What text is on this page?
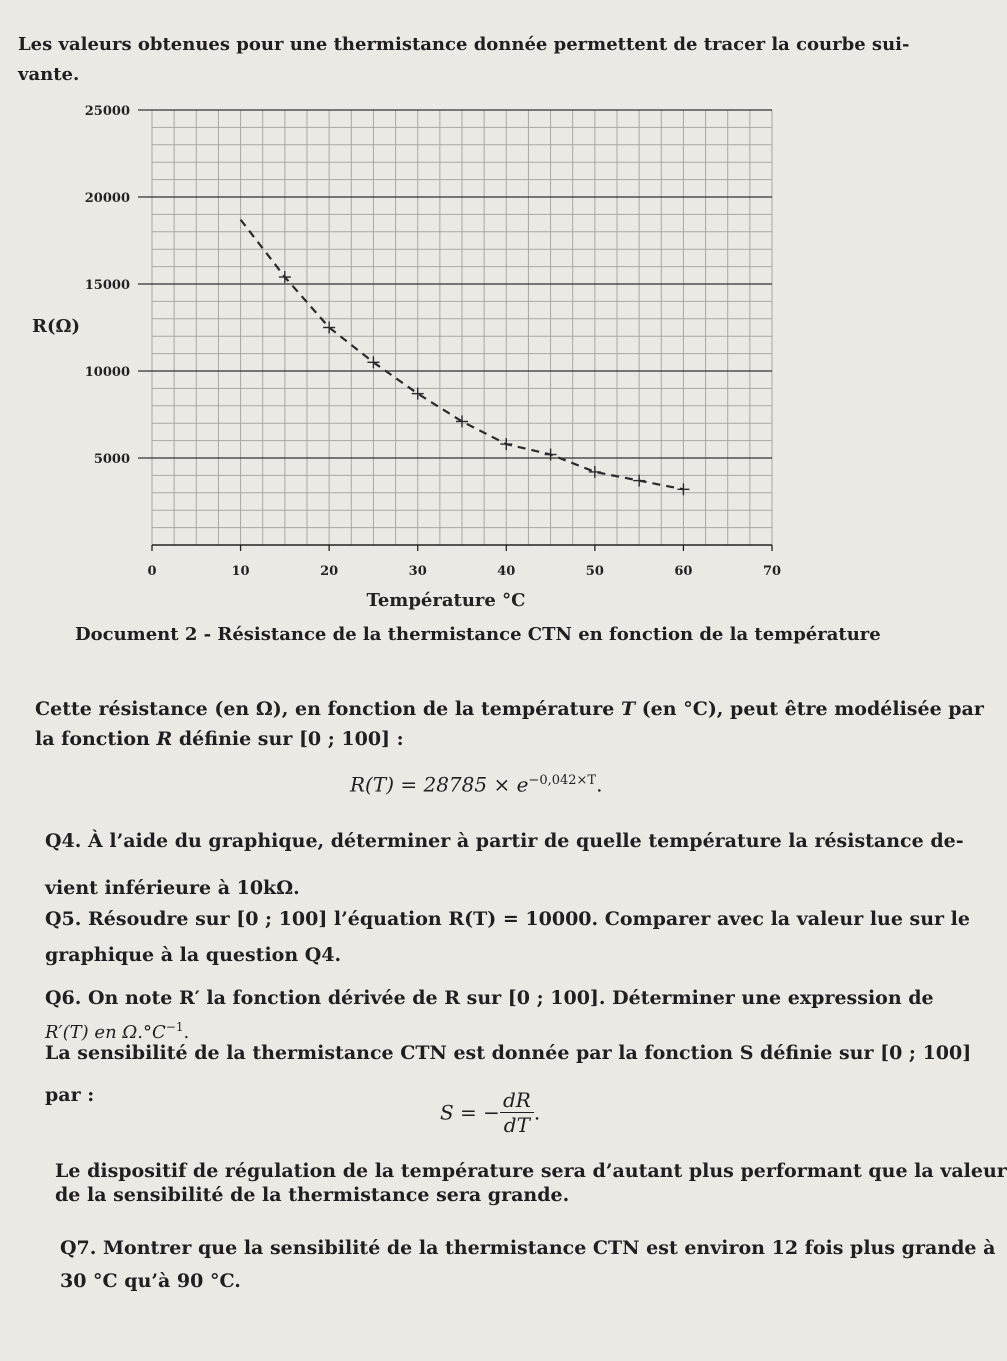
Les valeurs obtenues pour une thermistance donnée permettent de tracer la courbe sui-
vante.
0	10	20	30	40	50	60	70
5000
10000
15000
20000
25000
R(Ω)
Température °C
Document 2 - Résistance de la thermistance CTN en fonction de la température
Cette résistance (en Ω), en fonction de la température T (en °C), peut être modélisée par
la fonction R définie sur [0 ; 100] :
$R(T) = 28785 \times e^{-0,042\times T}$.
Q4. À l’aide du graphique, déterminer à partir de quelle température la résistance de-
vient inférieure à 10kΩ.
Q5. Résoudre sur [0 ; 100] l’équation R(T) = 10000. Comparer avec la valeur lue sur le
graphique à la question Q4.
Q6. On note R′ la fonction dérivée de R sur [0 ; 100]. Déterminer une expression de
R′(T) en $\Omega.^\circ C^{-1}$.
La sensibilité de la thermistance CTN est donnée par la fonction S définie sur [0 ; 100]
par :
S = − $\frac{dR}{dT}$ .
Le dispositif de régulation de la température sera d’autant plus performant que la valeur
de la sensibilité de la thermistance sera grande.
Q7. Montrer que la sensibilité de la thermistance CTN est environ 12 fois plus grande à
30 °C qu’à 90 °C.
